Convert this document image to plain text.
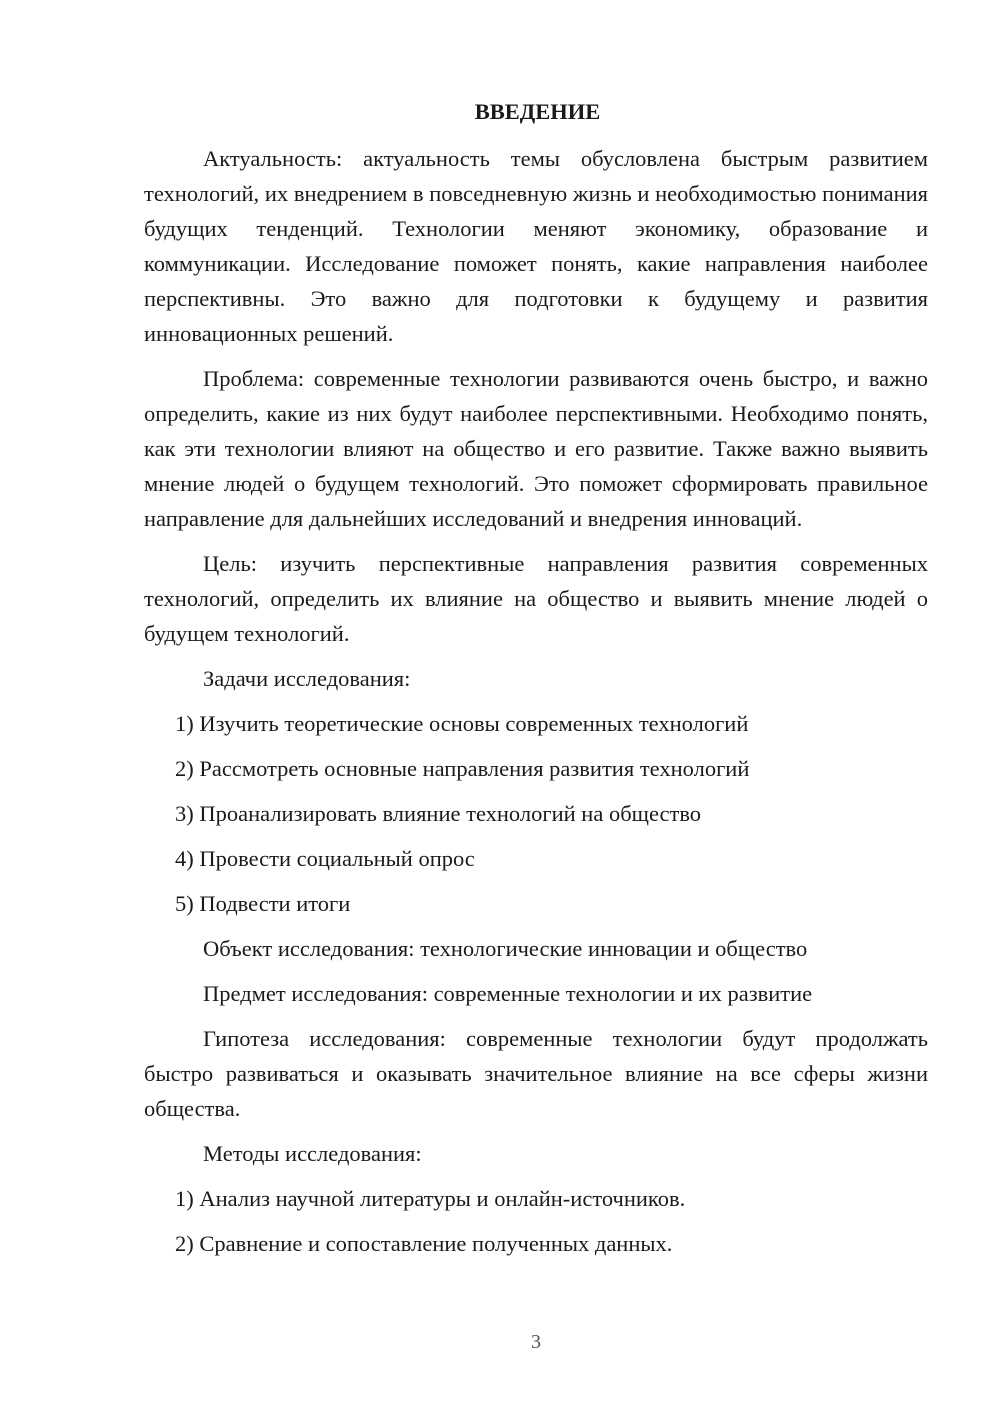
ВВЕДЕНИЕ
Актуальность: актуальность темы обусловлена быстрым развитием технологий, их внедрением в повседневную жизнь и необходимостью понимания будущих тенденций. Технологии меняют экономику, образование и коммуникации. Исследование поможет понять, какие направления наиболее перспективны. Это важно для подготовки к будущему и развития инновационных решений.
Проблема: современные технологии развиваются очень быстро, и важно определить, какие из них будут наиболее перспективными. Необходимо понять, как эти технологии влияют на общество и его развитие. Также важно выявить мнение людей о будущем технологий. Это поможет сформировать правильное направление для дальнейших исследований и внедрения инноваций.
Цель: изучить перспективные направления развития современных технологий, определить их влияние на общество и выявить мнение людей о будущем технологий.
Задачи исследования:
1) Изучить теоретические основы современных технологий
2) Рассмотреть основные направления развития технологий
3) Проанализировать влияние технологий на общество
4) Провести социальный опрос
5) Подвести итоги
Объект исследования: технологические инновации и общество
Предмет исследования: современные технологии и их развитие
Гипотеза исследования: современные технологии будут продолжать быстро развиваться и оказывать значительное влияние на все сферы жизни общества.
Методы исследования:
1) Анализ научной литературы и онлайн-источников.
2) Сравнение и сопоставление полученных данных.
3
